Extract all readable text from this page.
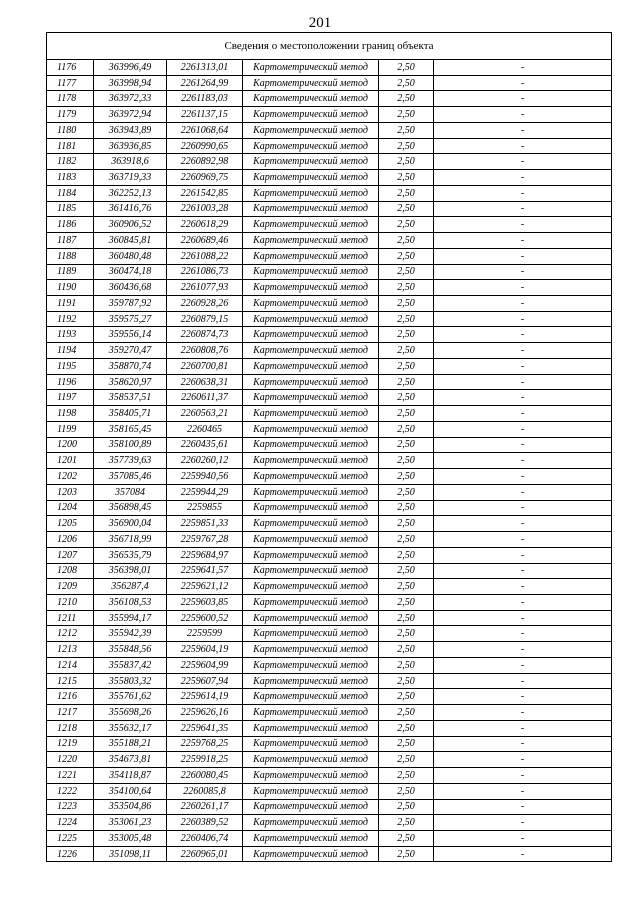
201
Сведения о местоположении границ объекта					
1176	363996,49	2261313,01	Картометрический метод	2,50	-
1177	363998,94	2261264,99	Картометрический метод	2,50	-
1178	363972,33	2261183,03	Картометрический метод	2,50	-
1179	363972,94	2261137,15	Картометрический метод	2,50	-
1180	363943,89	2261068,64	Картометрический метод	2,50	-
1181	363936,85	2260990,65	Картометрический метод	2,50	-
1182	363918,6	2260892,98	Картометрический метод	2,50	-
1183	363719,33	2260969,75	Картометрический метод	2,50	-
1184	362252,13	2261542,85	Картометрический метод	2,50	-
1185	361416,76	2261003,28	Картометрический метод	2,50	-
1186	360906,52	2260618,29	Картометрический метод	2,50	-
1187	360845,81	2260689,46	Картометрический метод	2,50	-
1188	360480,48	2261088,22	Картометрический метод	2,50	-
1189	360474,18	2261086,73	Картометрический метод	2,50	-
1190	360436,68	2261077,93	Картометрический метод	2,50	-
1191	359787,92	2260928,26	Картометрический метод	2,50	-
1192	359575,27	2260879,15	Картометрический метод	2,50	-
1193	359556,14	2260874,73	Картометрический метод	2,50	-
1194	359270,47	2260808,76	Картометрический метод	2,50	-
1195	358870,74	2260700,81	Картометрический метод	2,50	-
1196	358620,97	2260638,31	Картометрический метод	2,50	-
1197	358537,51	2260611,37	Картометрический метод	2,50	-
1198	358405,71	2260563,21	Картометрический метод	2,50	-
1199	358165,45	2260465	Картометрический метод	2,50	-
1200	358100,89	2260435,61	Картометрический метод	2,50	-
1201	357739,63	2260260,12	Картометрический метод	2,50	-
1202	357085,46	2259940,56	Картометрический метод	2,50	-
1203	357084	2259944,29	Картометрический метод	2,50	-
1204	356898,45	2259855	Картометрический метод	2,50	-
1205	356900,04	2259851,33	Картометрический метод	2,50	-
1206	356718,99	2259767,28	Картометрический метод	2,50	-
1207	356535,79	2259684,97	Картометрический метод	2,50	-
1208	356398,01	2259641,57	Картометрический метод	2,50	-
1209	356287,4	2259621,12	Картометрический метод	2,50	-
1210	356108,53	2259603,85	Картометрический метод	2,50	-
1211	355994,17	2259600,52	Картометрический метод	2,50	-
1212	355942,39	2259599	Картометрический метод	2,50	-
1213	355848,56	2259604,19	Картометрический метод	2,50	-
1214	355837,42	2259604,99	Картометрический метод	2,50	-
1215	355803,32	2259607,94	Картометрический метод	2,50	-
1216	355761,62	2259614,19	Картометрический метод	2,50	-
1217	355698,26	2259626,16	Картометрический метод	2,50	-
1218	355632,17	2259641,35	Картометрический метод	2,50	-
1219	355188,21	2259768,25	Картометрический метод	2,50	-
1220	354673,81	2259918,25	Картометрический метод	2,50	-
1221	354118,87	2260080,45	Картометрический метод	2,50	-
1222	354100,64	2260085,8	Картометрический метод	2,50	-
1223	353504,86	2260261,17	Картометрический метод	2,50	-
1224	353061,23	2260389,52	Картометрический метод	2,50	-
1225	353005,48	2260406,74	Картометрический метод	2,50	-
1226	351098,11	2260965,01	Картометрический метод	2,50	-
